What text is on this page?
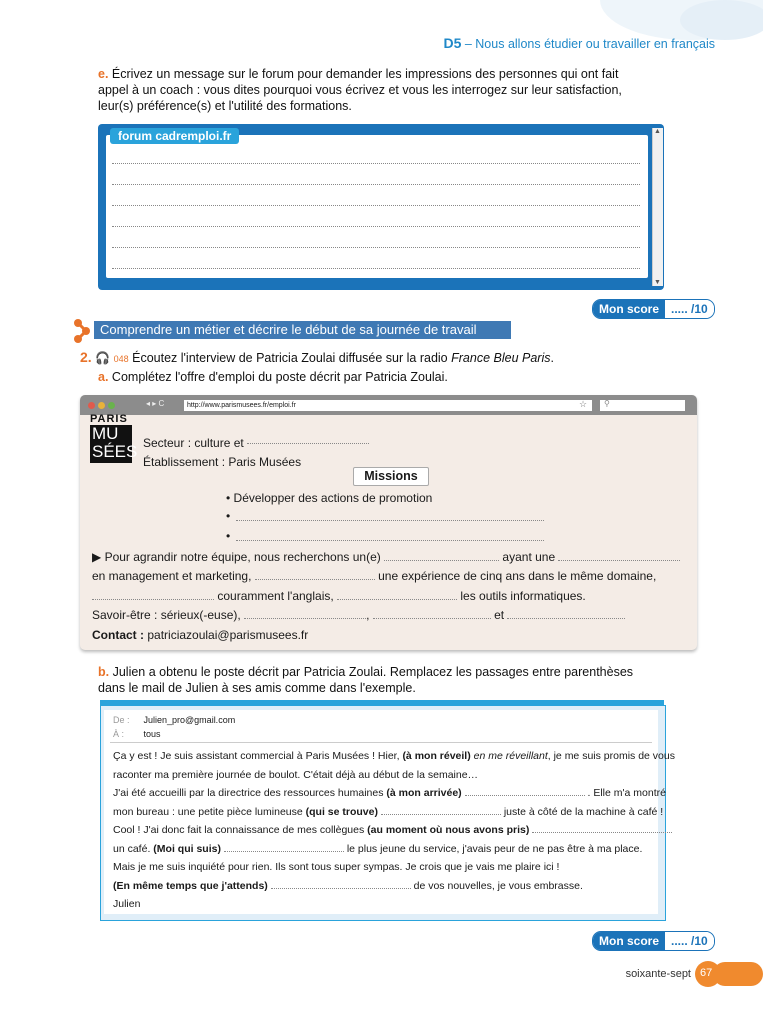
D5 – Nous allons étudier ou travailler en français
e. Écrivez un message sur le forum pour demander les impressions des personnes qui ont fait
appel à un coach : vous dites pourquoi vous écrivez et vous les interrogez sur leur satisfaction,
leur(s) préférence(s) et l'utilité des formations.
forum cadremploi.fr	▲
▼
Mon score	..... /10
Comprendre un métier et décrire le début de sa journée de travail
2. 🎧 048 Écoutez l'interview de Patricia Zoulai diffusée sur la radio France Bleu Paris.
a. Complétez l'offre d'emploi du poste décrit par Patricia Zoulai.
◂ ▸ C	http://www.parismusees.fr/emploi.fr	☆ ⚲
PARIS
MU
SÉES Secteur : culture et
Établissement : Paris Musées
Missions
• Développer des actions de promotion
•
•
▶ Pour agrandir notre équipe, nous recherchons un(e)	ayant une
en management et marketing,	une expérience de cinq ans dans le même domaine,
couramment l'anglais,	les outils informatiques.
Savoir-être : sérieux(-euse),	,	et
Contact : patriciazoulai@parismusees.fr
b. Julien a obtenu le poste décrit par Patricia Zoulai. Remplacez les passages entre parenthèses
dans le mail de Julien à ses amis comme dans l'exemple.
De : Julien_pro@gmail.com
À : tous
Ça y est ! Je suis assistant commercial à Paris Musées ! Hier, (à mon réveil) en me réveillant, je me suis promis de vous
raconter ma première journée de boulot. C'était déjà au début de la semaine…
J'ai été accueilli par la directrice des ressources humaines (à mon arrivée)	. Elle m'a montré
mon bureau : une petite pièce lumineuse (qui se trouve)	juste à côté de la machine à café !
Cool ! J'ai donc fait la connaissance de mes collègues (au moment où nous avons pris)
un café. (Moi qui suis)	le plus jeune du service, j'avais peur de ne pas être à ma place.
Mais je me suis inquiété pour rien. Ils sont tous super sympas. Je crois que je vais me plaire ici !
(En même temps que j'attends)	de vos nouvelles, je vous embrasse.
Julien
Mon score	..... /10
soixante-sept 67
